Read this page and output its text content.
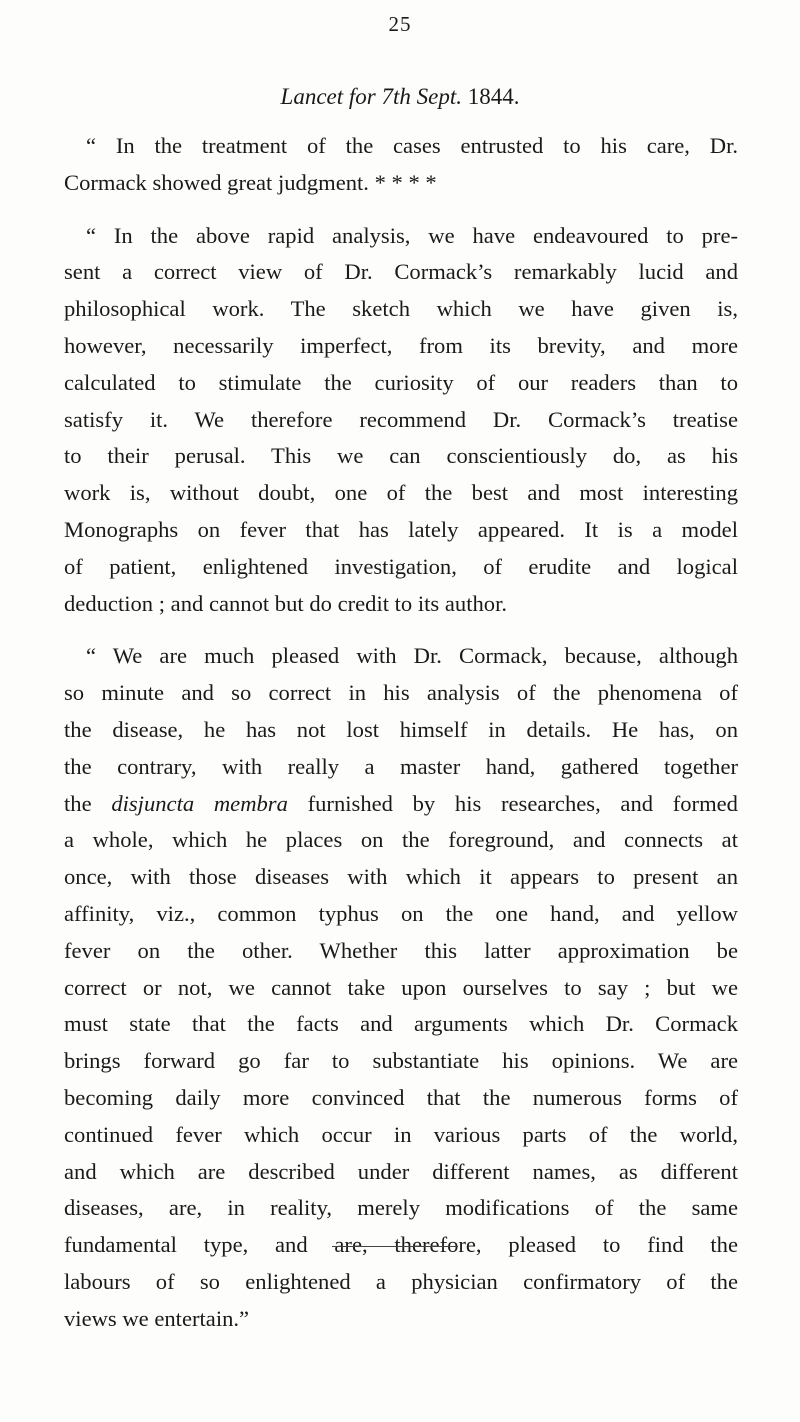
25
Lancet for 7th Sept. 1844.
“ In the treatment of the cases entrusted to his care, Dr.
Cormack showed great judgment. * * * *
“ In the above rapid analysis, we have endeavoured to pre-
sent a correct view of Dr. Cormack’s remarkably lucid and
philosophical work. The sketch which we have given is,
however, necessarily imperfect, from its brevity, and more
calculated to stimulate the curiosity of our readers than to
satisfy it. We therefore recommend Dr. Cormack’s treatise
to their perusal. This we can conscientiously do, as his
work is, without doubt, one of the best and most interesting
Monographs on fever that has lately appeared. It is a model
of patient, enlightened investigation, of erudite and logical
deduction ; and cannot but do credit to its author.
“ We are much pleased with Dr. Cormack, because, although
so minute and so correct in his analysis of the phenomena of
the disease, he has not lost himself in details. He has, on
the contrary, with really a master hand, gathered together
the disjuncta membra furnished by his researches, and formed
a whole, which he places on the foreground, and connects at
once, with those diseases with which it appears to present an
affinity, viz., common typhus on the one hand, and yellow
fever on the other. Whether this latter approximation be
correct or not, we cannot take upon ourselves to say ; but we
must state that the facts and arguments which Dr. Cormack
brings forward go far to substantiate his opinions. We are
becoming daily more convinced that the numerous forms of
continued fever which occur in various parts of the world,
and which are described under different names, as different
diseases, are, in reality, merely modifications of the same
fundamental type, and are, therefore, pleased to find the
labours of so enlightened a physician confirmatory of the
views we entertain.”
